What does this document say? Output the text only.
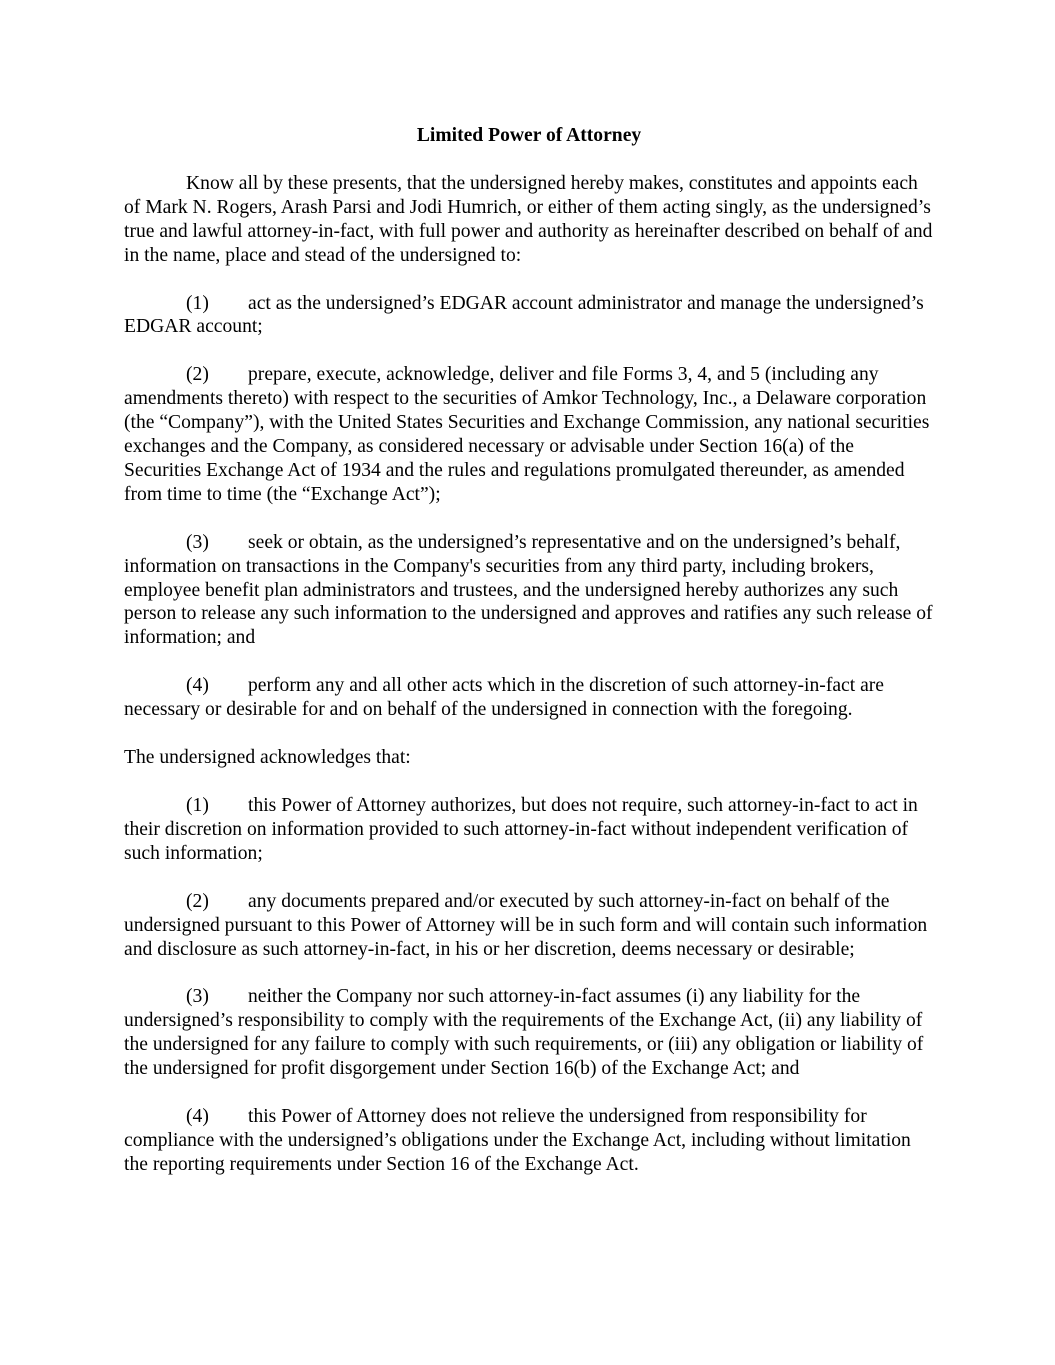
Limited Power of Attorney

Know all by these presents, that the undersigned hereby makes, constitutes and appoints each of Mark N. Rogers, Arash Parsi and Jodi Humrich, or either of them acting singly, as the undersigned’s true and lawful attorney-in-fact, with full power and authority as hereinafter described on behalf of and in the name, place and stead of the undersigned to:

(1) act as the undersigned’s EDGAR account administrator and manage the undersigned’s EDGAR account;

(2) prepare, execute, acknowledge, deliver and file Forms 3, 4, and 5 (including any amendments thereto) with respect to the securities of Amkor Technology, Inc., a Delaware corporation (the “Company”), with the United States Securities and Exchange Commission, any national securities exchanges and the Company, as considered necessary or advisable under Section 16(a) of the Securities Exchange Act of 1934 and the rules and regulations promulgated thereunder, as amended from time to time (the “Exchange Act”);

(3) seek or obtain, as the undersigned’s representative and on the undersigned’s behalf, information on transactions in the Company's securities from any third party, including brokers, employee benefit plan administrators and trustees, and the undersigned hereby authorizes any such person to release any such information to the undersigned and approves and ratifies any such release of information; and

(4) perform any and all other acts which in the discretion of such attorney-in-fact are necessary or desirable for and on behalf of the undersigned in connection with the foregoing.

The undersigned acknowledges that:

(1) this Power of Attorney authorizes, but does not require, such attorney-in-fact to act in their discretion on information provided to such attorney-in-fact without independent verification of such information;

(2) any documents prepared and/or executed by such attorney-in-fact on behalf of the undersigned pursuant to this Power of Attorney will be in such form and will contain such information and disclosure as such attorney-in-fact, in his or her discretion, deems necessary or desirable;

(3) neither the Company nor such attorney-in-fact assumes (i) any liability for the undersigned’s responsibility to comply with the requirements of the Exchange Act, (ii) any liability of the undersigned for any failure to comply with such requirements, or (iii) any obligation or liability of the undersigned for profit disgorgement under Section 16(b) of the Exchange Act; and

(4) this Power of Attorney does not relieve the undersigned from responsibility for compliance with the undersigned’s obligations under the Exchange Act, including without limitation the reporting requirements under Section 16 of the Exchange Act.
